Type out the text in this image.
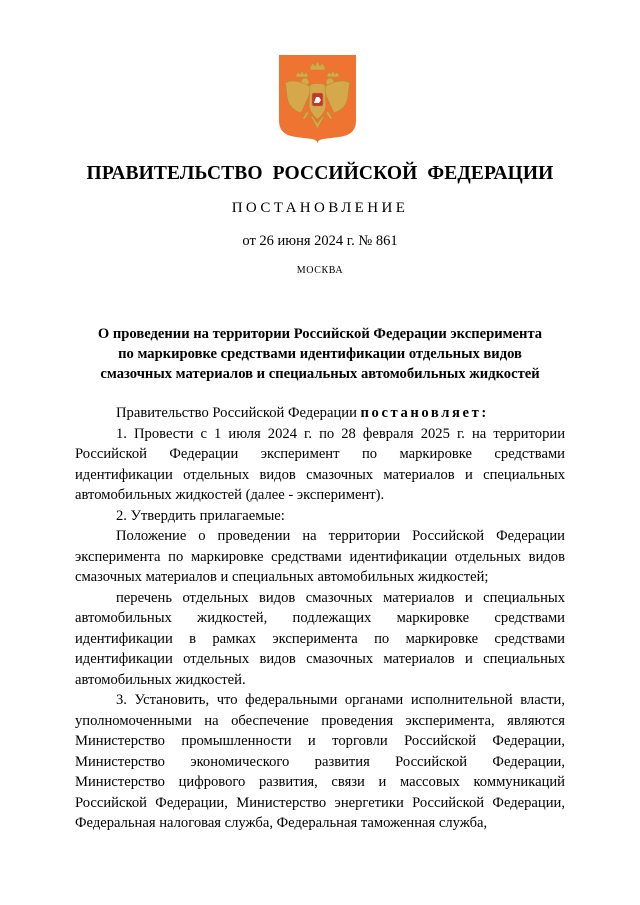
ПРАВИТЕЛЬСТВО РОССИЙСКОЙ ФЕДЕРАЦИИ
ПОСТАНОВЛЕНИЕ
от 26 июня 2024 г. № 861
МОСКВА
О проведении на территории Российской Федерации эксперимента
по маркировке средствами идентификации отдельных видов
смазочных материалов и специальных автомобильных жидкостей

Правительство Российской Федерации постановляет:

1. Провести с 1 июля 2024 г. по 28 февраля 2025 г. на территории Российской Федерации эксперимент по маркировке средствами идентификации отдельных видов смазочных материалов и специальных автомобильных жидкостей (далее - эксперимент).

2. Утвердить прилагаемые:

Положение о проведении на территории Российской Федерации эксперимента по маркировке средствами идентификации отдельных видов смазочных материалов и специальных автомобильных жидкостей;

перечень отдельных видов смазочных материалов и специальных автомобильных жидкостей, подлежащих маркировке средствами идентификации в рамках эксперимента по маркировке средствами идентификации отдельных видов смазочных материалов и специальных автомобильных жидкостей.

3. Установить, что федеральными органами исполнительной власти, уполномоченными на обеспечение проведения эксперимента, являются Министерство промышленности и торговли Российской Федерации, Министерство экономического развития Российской Федерации, Министерство цифрового развития, связи и массовых коммуникаций Российской Федерации, Министерство энергетики Российской Федерации, Федеральная налоговая служба, Федеральная таможенная служба,
